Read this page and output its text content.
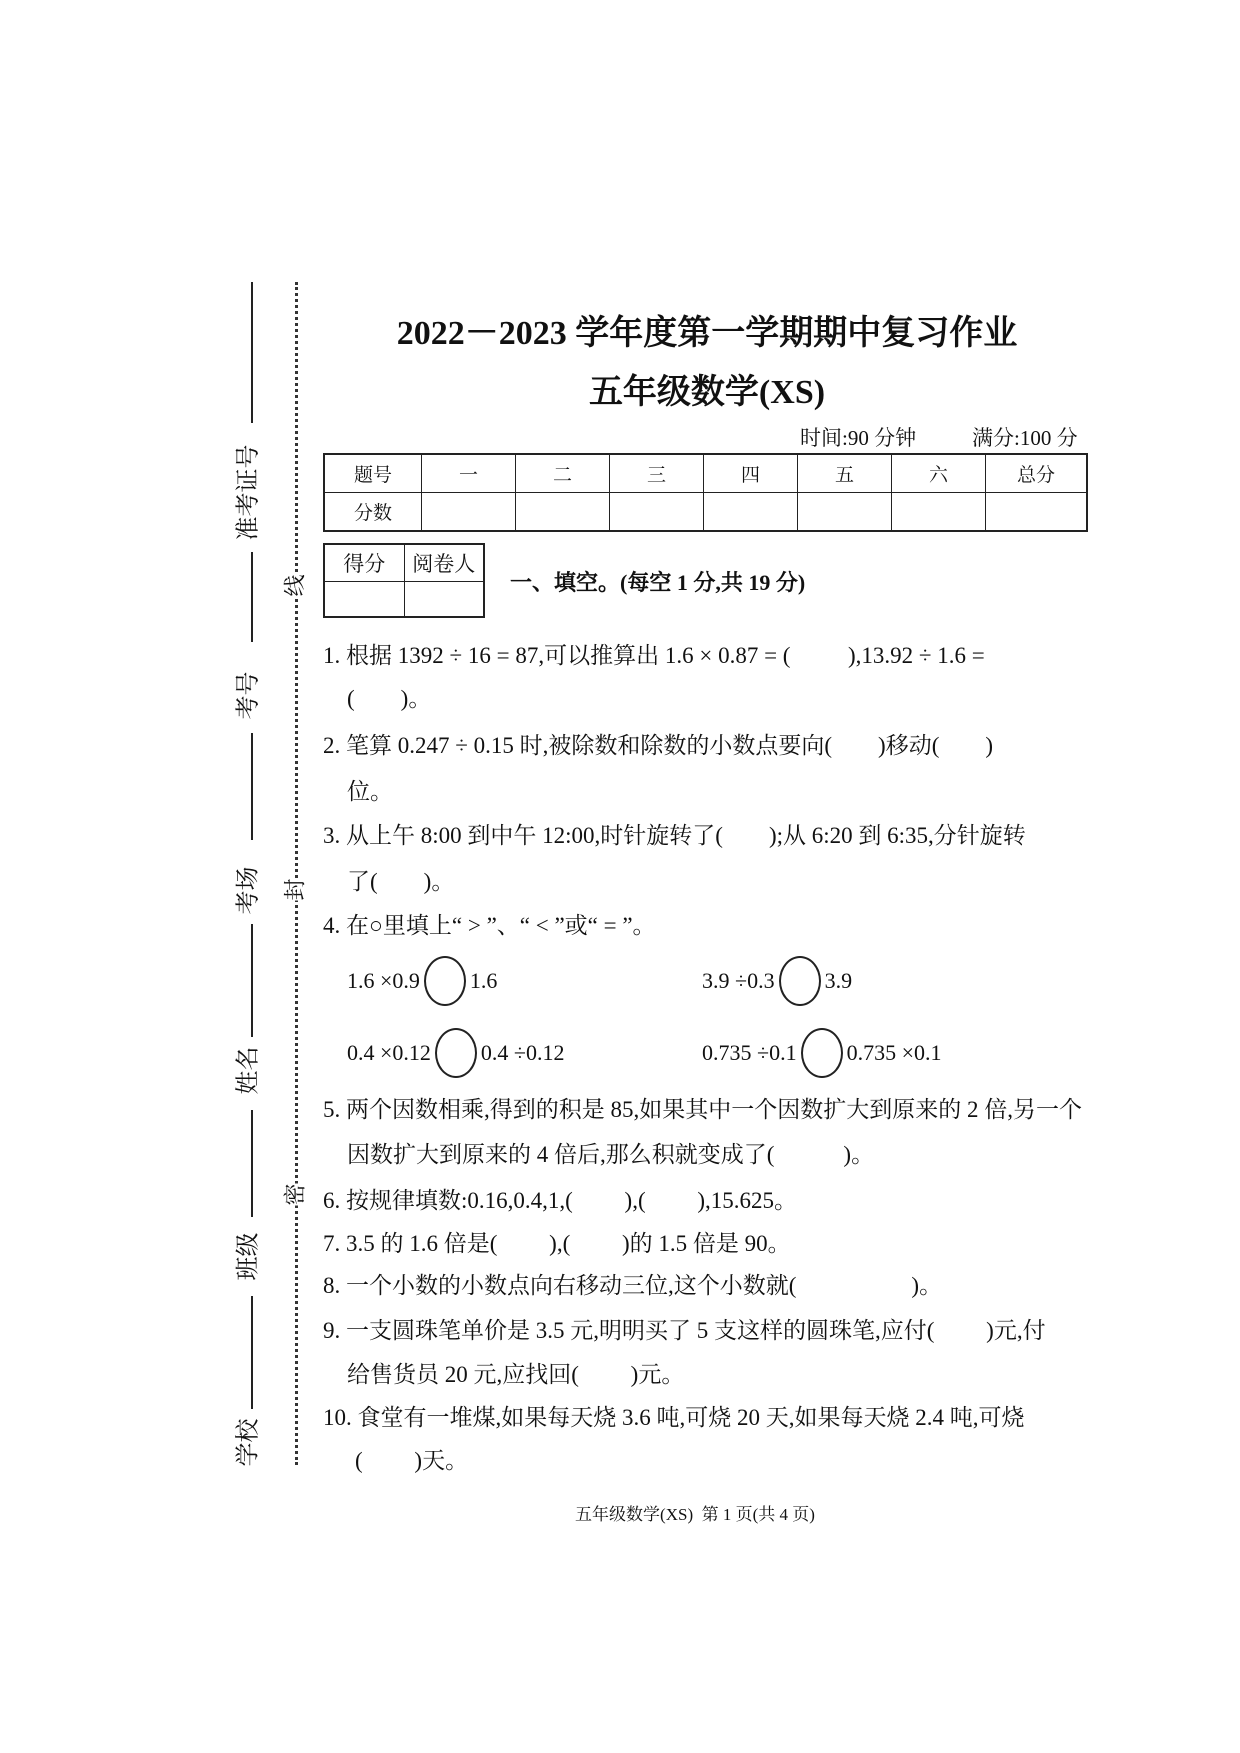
准考证号
考号
考场
姓名
班级
学校
线
封
密
2022－2023 学年度第一学期期中复习作业
五年级数学(XS)
时间:90 分钟	满分:100 分
题号	一	二	三	四	五	六	总分
分数							
得分	阅卷人

一、填空。(每空 1 分,共 19 分)
1. 根据 1392 ÷ 16 = 87,可以推算出 1.6 × 0.87 = (          ),13.92 ÷ 1.6 =
(        )。
2. 笔算 0.247 ÷ 0.15 时,被除数和除数的小数点要向(        )移动(        )
位。
3. 从上午 8:00 到中午 12:00,时针旋转了(        );从 6:20 到 6:35,分针旋转
了(        )。
4. 在○里填上“ > ”、“ < ”或“ = ”。
1.6 ×0.9 1.6	3.9 ÷0.3 3.9
0.4 ×0.12 0.4 ÷0.12	0.735 ÷0.1 0.735 ×0.1
5. 两个因数相乘,得到的积是 85,如果其中一个因数扩大到原来的 2 倍,另一个
因数扩大到原来的 4 倍后,那么积就变成了(            )。
6. 按规律填数:0.16,0.4,1,(         ),(         ),15.625。
7. 3.5 的 1.6 倍是(         ),(         )的 1.5 倍是 90。
8. 一个小数的小数点向右移动三位,这个小数就(                    )。
9. 一支圆珠笔单价是 3.5 元,明明买了 5 支这样的圆珠笔,应付(         )元,付
给售货员 20 元,应找回(         )元。
10. 食堂有一堆煤,如果每天烧 3.6 吨,可烧 20 天,如果每天烧 2.4 吨,可烧
(         )天。
五年级数学(XS)  第 1 页(共 4 页)
